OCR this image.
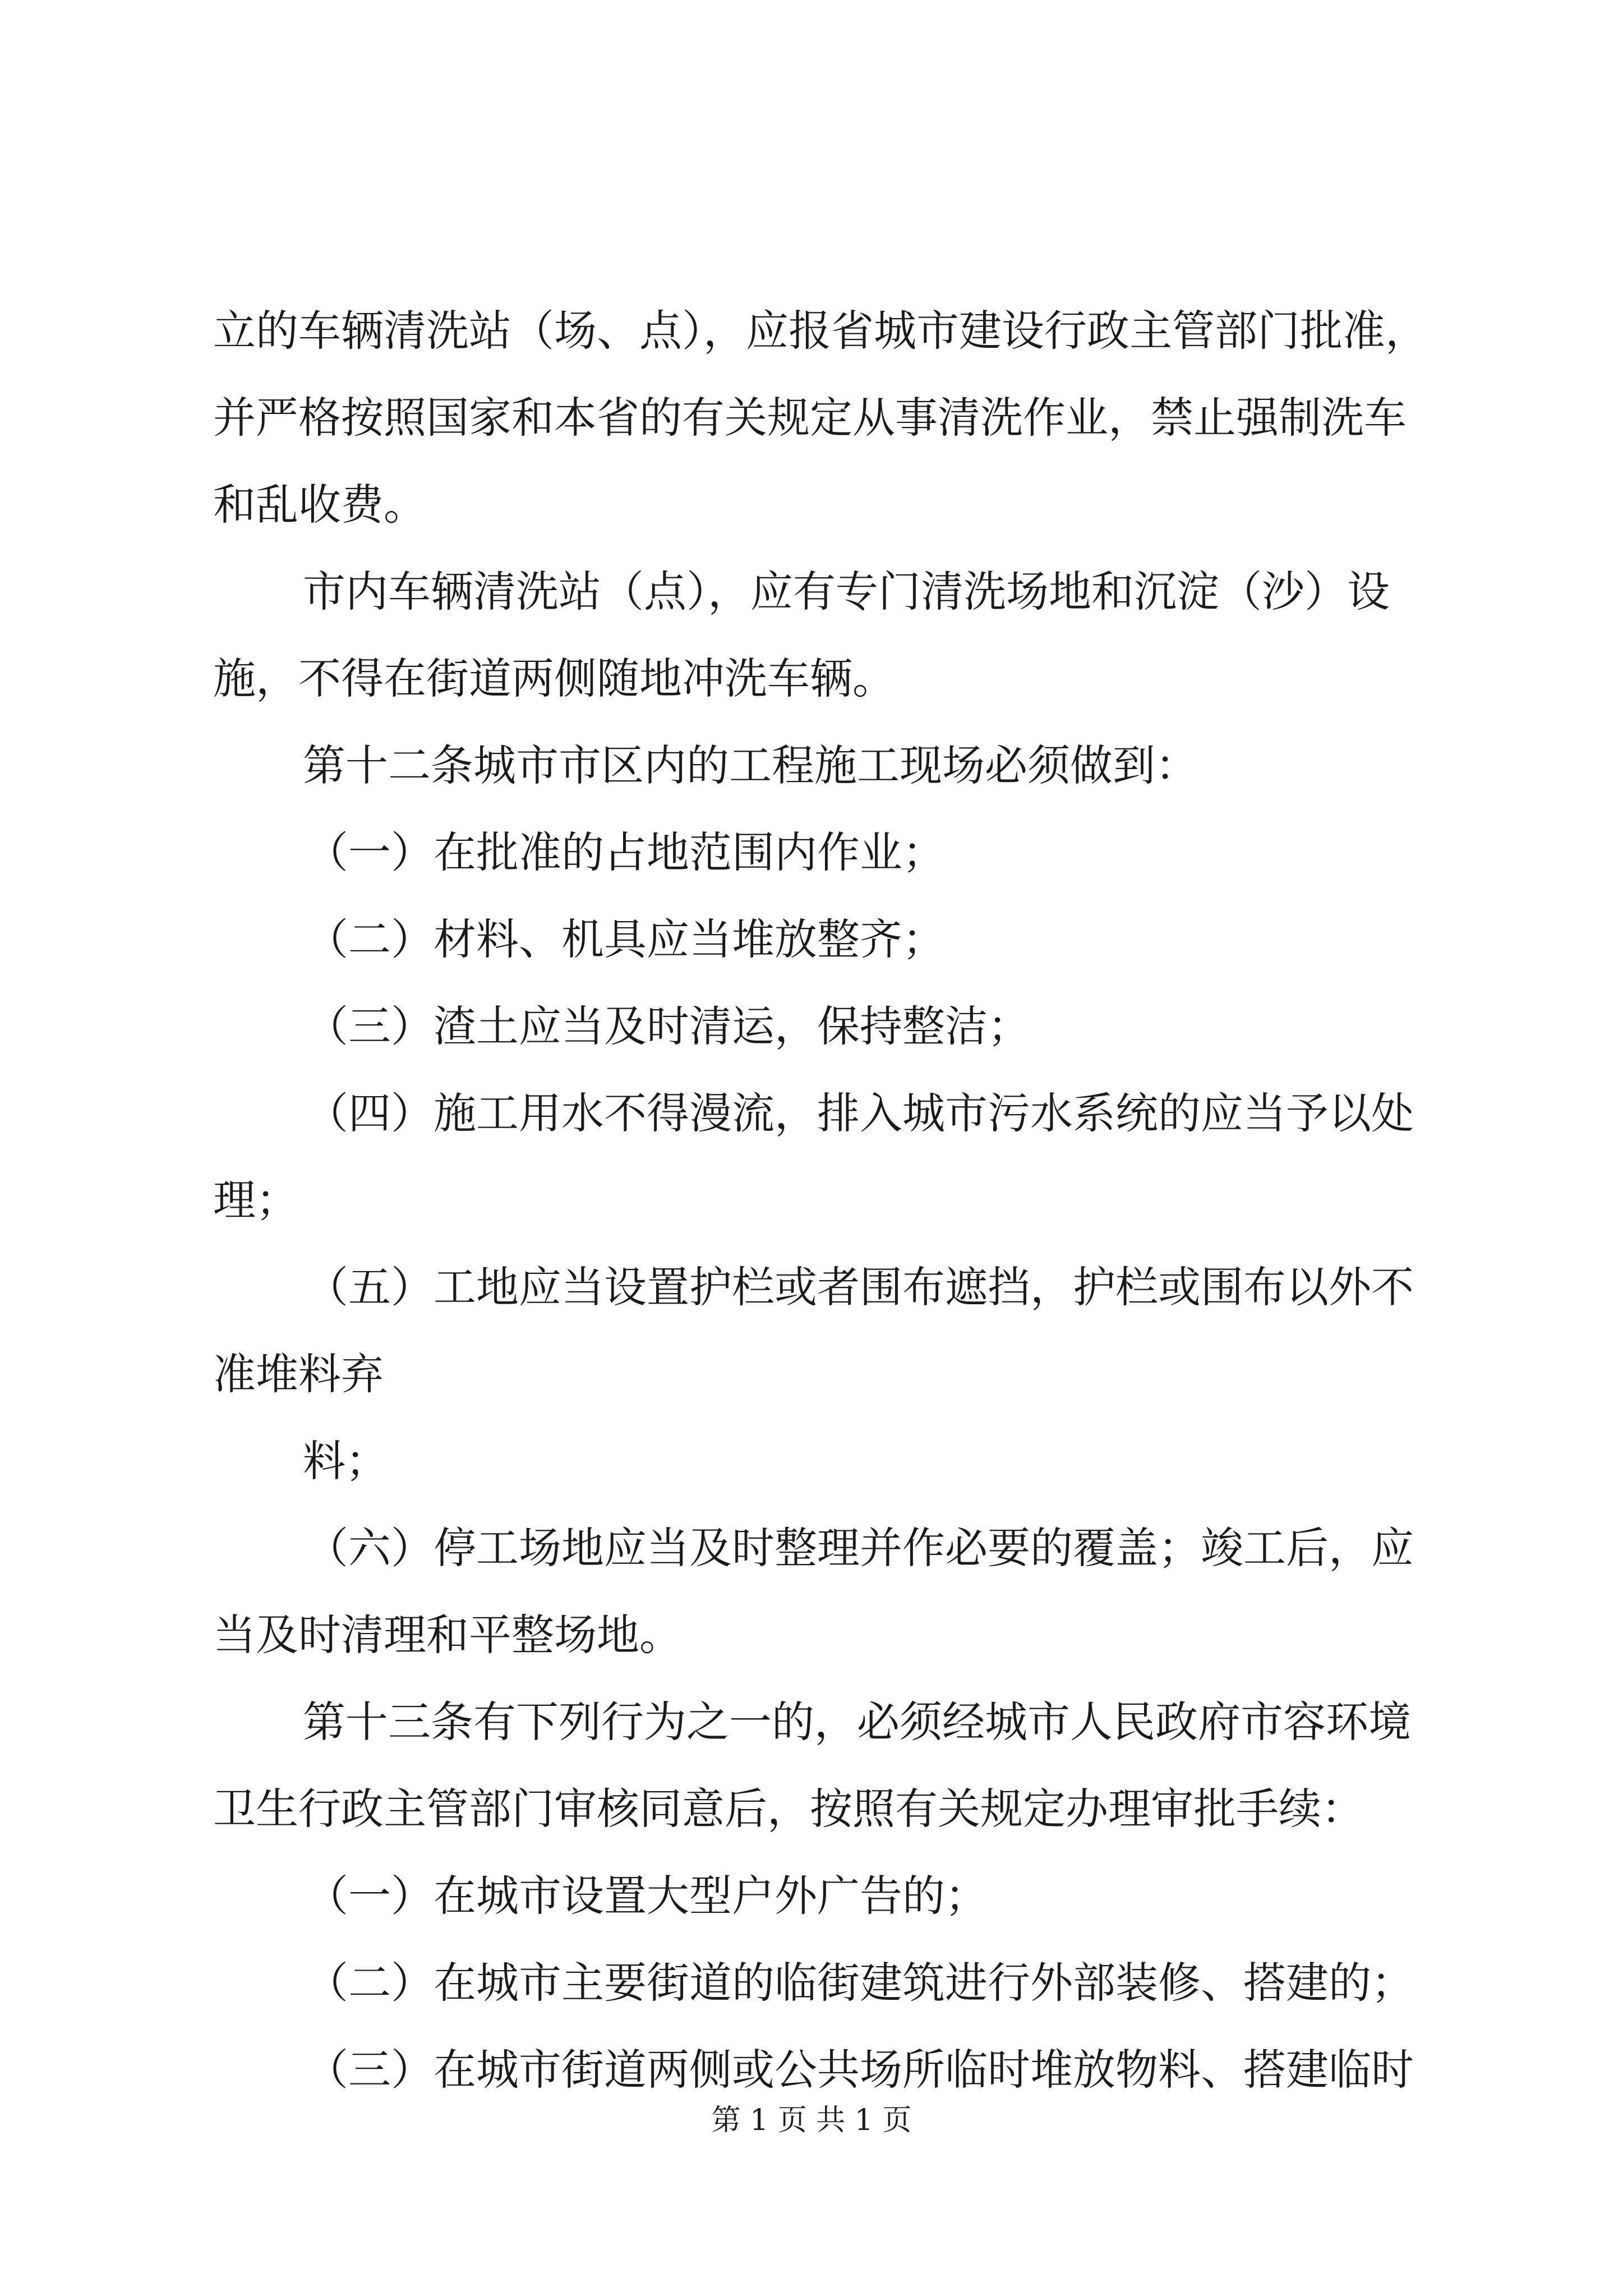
立的车辆清洗站（场、点），应报省城市建设行政主管部门批准，

并严格按照国家和本省的有关规定从事清洗作业，禁止强制洗车

和乱收费。

市内车辆清洗站（点），应有专门清洗场地和沉淀（沙）设

施，不得在街道两侧随地冲洗车辆。

第十二条城市市区内的工程施工现场必须做到：

（一）在批准的占地范围内作业；

（二）材料、机具应当堆放整齐；

（三）渣土应当及时清运，保持整洁；

（四）施工用水不得漫流，排入城市污水系统的应当予以处

理；

（五）工地应当设置护栏或者围布遮挡，护栏或围布以外不

准堆料弃

料；

（六）停工场地应当及时整理并作必要的覆盖；竣工后，应

当及时清理和平整场地。

第十三条有下列行为之一的，必须经城市人民政府市容环境

卫生行政主管部门审核同意后，按照有关规定办理审批手续：

（一）在城市设置大型户外广告的；

（二）在城市主要街道的临街建筑进行外部装修、搭建的；

（三）在城市街道两侧或公共场所临时堆放物料、搭建临时

第 1 页 共 1 页
